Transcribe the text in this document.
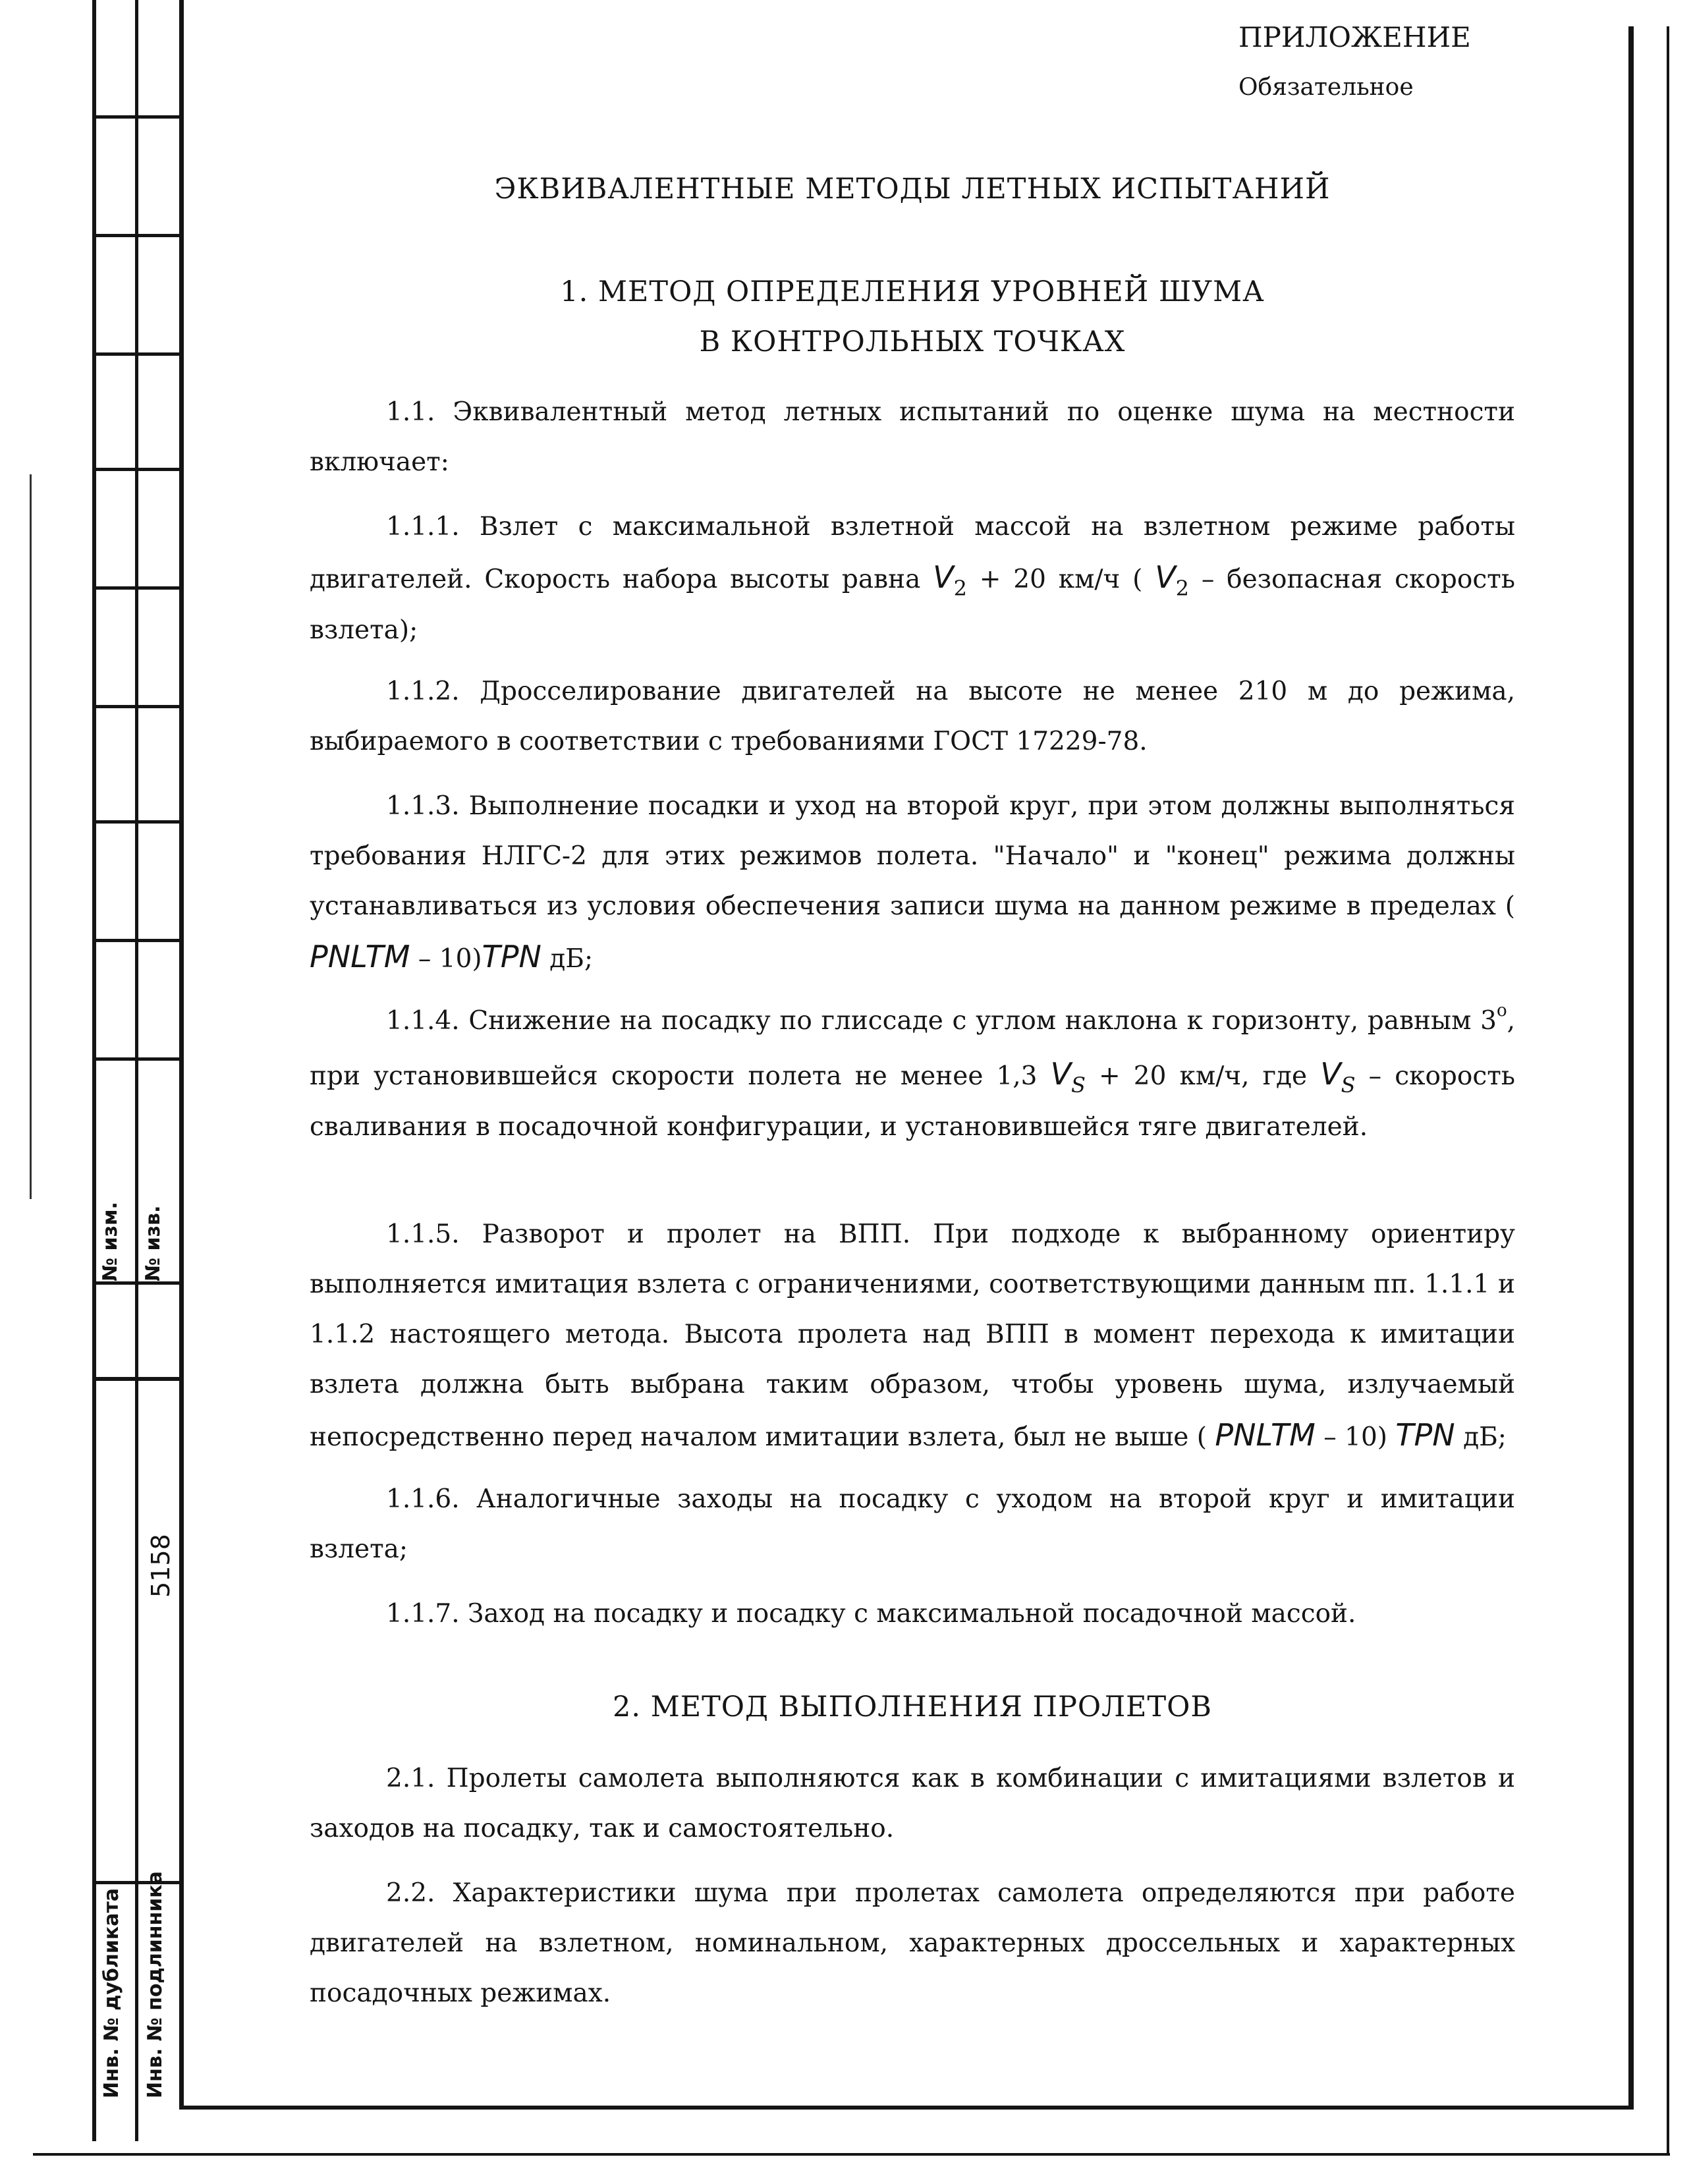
№ изм. № изв.
5158
Инв. № дубликата Инв. № подлинника
ПРИЛОЖЕНИЕ
Обязательное
ЭКВИВАЛЕНТНЫЕ МЕТОДЫ ЛЕТНЫХ ИСПЫТАНИЙ
1. МЕТОД ОПРЕДЕЛЕНИЯ УРОВНЕЙ ШУМА
В КОНТРОЛЬНЫХ ТОЧКАХ

1.1. Эквивалентный метод летных испытаний по оценке шума на местности включает:

1.1.1. Взлет с максимальной взлетной массой на взлетном режиме работы двигателей. Скорость набора высоты равна $V_2 + 20$ км/ч ( $V_2$ – безопасная скорость взлета);

1.1.2. Дросселирование двигателей на высоте не менее 210 м до режима, выбираемого в соответствии с требованиями ГОСТ 17229-78.

1.1.3. Выполнение посадки и уход на второй круг, при этом должны выполняться требования НЛГС-2 для этих режимов полета. "Начало" и "конец" режима должны устанавливаться из условия обеспечения записи шума на данном режиме в пределах ( PNLTM – 10)TPN дБ;

1.1.4. Снижение на посадку по глиссаде с углом наклона к горизонту, равным $3^о$, при установившейся скорости полета не менее 1,3 $V_S + 20$ км/ч, где $V_S$ – скорость сваливания в посадочной конфигурации, и установившейся тяге двигателей.

1.1.5. Разворот и пролет на ВПП. При подходе к выбранному ориентиру выполняется имитация взлета с ограничениями, соответствующими данным пп. 1.1.1 и 1.1.2 настоящего метода. Высота пролета над ВПП в момент перехода к имитации взлета должна быть выбрана таким образом, чтобы уровень шума, излучаемый непосредственно перед началом имитации взлета, был не выше ( PNLTM – 10) TPN дБ;

1.1.6. Аналогичные заходы на посадку с уходом на второй круг и имитации взлета;

1.1.7. Заход на посадку и посадку с максимальной посадочной массой.

2. МЕТОД ВЫПОЛНЕНИЯ ПРОЛЕТОВ

2.1. Пролеты самолета выполняются как в комбинации с имитациями взлетов и заходов на посадку, так и самостоятельно.

2.2. Характеристики шума при пролетах самолета определяются при работе двигателей на взлетном, номинальном, характерных дроссельных и характерных посадочных режимах.
